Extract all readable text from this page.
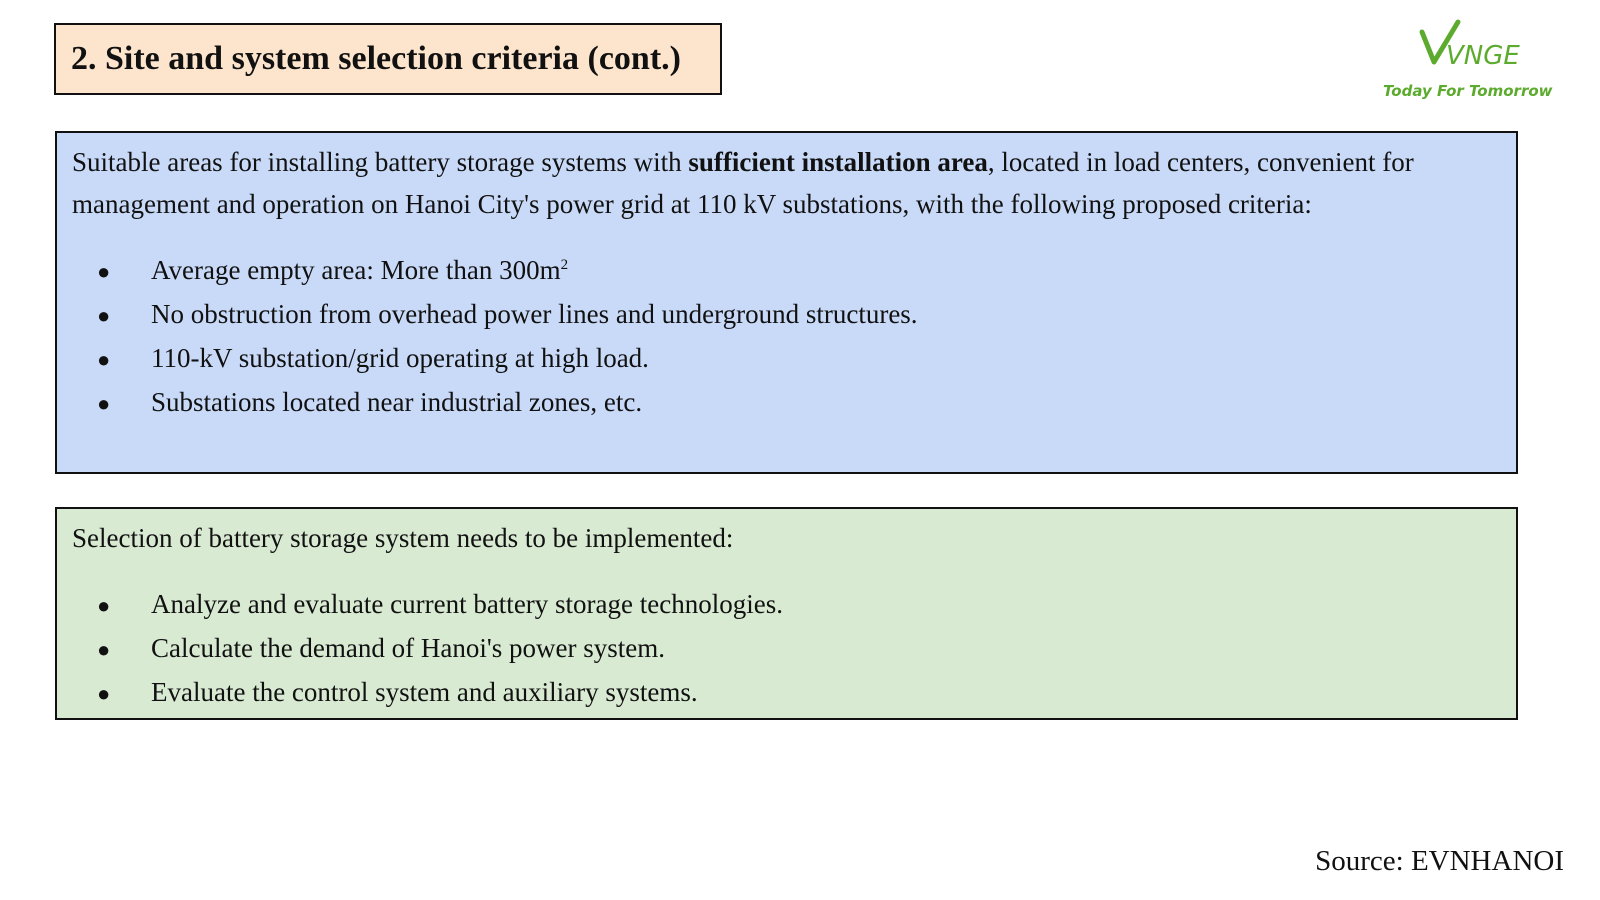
2. Site and system selection criteria (cont.)	VNGE
Today For Tomorrow

Suitable areas for installing battery storage systems with sufficient installation area, located in load centers, convenient for management and operation on Hanoi City's power grid at 110 kV substations, with the following proposed criteria:

●	Average empty area: More than $300m^2$
●	No obstruction from overhead power lines and underground structures.
●	110-kV substation/grid operating at high load.
●	Substations located near industrial zones, etc.

Selection of battery storage system needs to be implemented:

●	Analyze and evaluate current battery storage technologies.
●	Calculate the demand of Hanoi's power system.
●	Evaluate the control system and auxiliary systems.
Source: EVNHANOI
